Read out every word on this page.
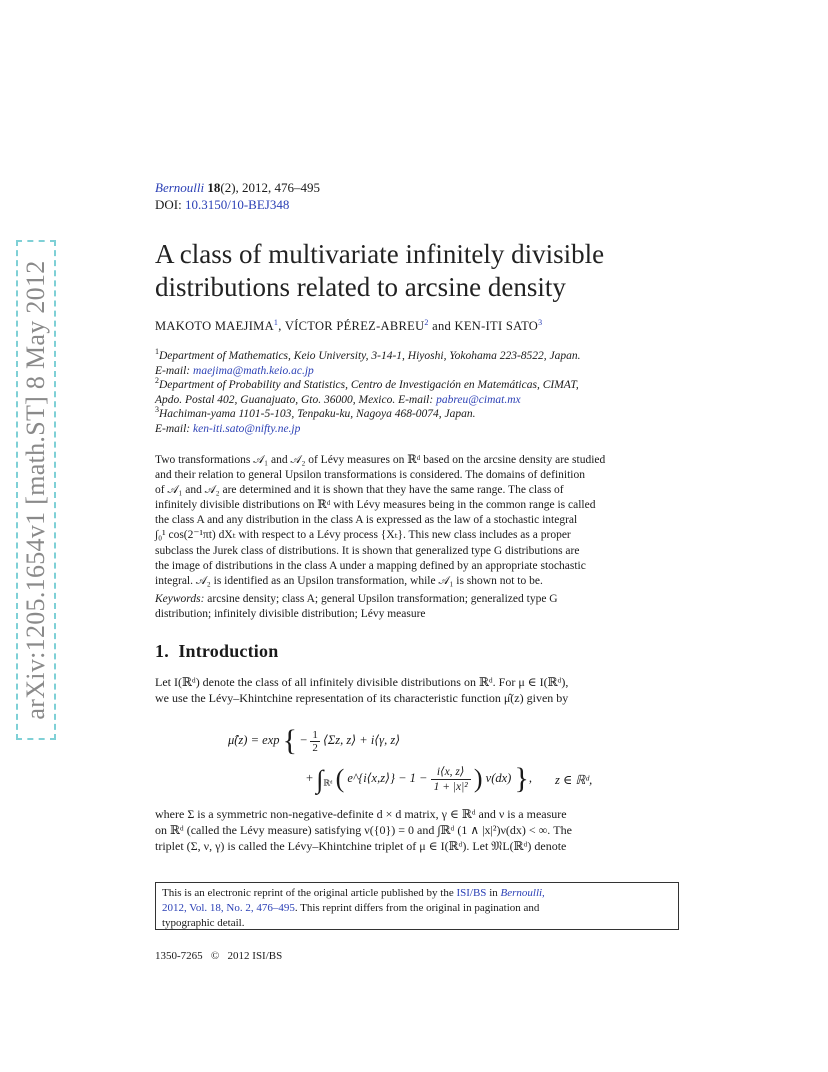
arXiv:1205.1654v1 [math.ST] 8 May 2012
Bernoulli 18(2), 2012, 476–495
DOI: 10.3150/10-BEJ348
A class of multivariate infinitely divisible
distributions related to arcsine density
MAKOTO MAEJIMA$^1$, VÍCTOR PÉREZ-ABREU$^2$ and KEN-ITI SATO$^3$
$^1$Department of Mathematics, Keio University, 3-14-1, Hiyoshi, Yokohama 223-8522, Japan.
E-mail: maejima@math.keio.ac.jp
$^2$Department of Probability and Statistics, Centro de Investigación en Matemáticas, CIMAT,
Apdo. Postal 402, Guanajuato, Gto. 36000, Mexico. E-mail: pabreu@cimat.mx
$^3$Hachiman-yama 1101-5-103, Tenpaku-ku, Nagoya 468-0074, Japan.
E-mail: ken-iti.sato@nifty.ne.jp
Two transformations 𝒜₁ and 𝒜₂ of Lévy measures on ℝᵈ based on the arcsine density are studied
and their relation to general Upsilon transformations is considered. The domains of definition
of 𝒜₁ and 𝒜₂ are determined and it is shown that they have the same range. The class of
infinitely divisible distributions on ℝᵈ with Lévy measures being in the common range is called
the class A and any distribution in the class A is expressed as the law of a stochastic integral
∫₀¹ cos(2⁻¹πt) dXₜ with respect to a Lévy process {Xₜ}. This new class includes as a proper
subclass the Jurek class of distributions. It is shown that generalized type G distributions are
the image of distributions in the class A under a mapping defined by an appropriate stochastic
integral. 𝒜₂ is identified as an Upsilon transformation, while 𝒜₁ is shown not to be.
Keywords: arcsine density; class A; general Upsilon transformation; generalized type G
distribution; infinitely divisible distribution; Lévy measure
1. Introduction
Let I(ℝᵈ) denote the class of all infinitely divisible distributions on ℝᵈ. For μ ∈ I(ℝᵈ),
we use the Lévy–Khintchine representation of its characteristic function μ̂(z) given by
μ̂(z) = exp { − $\frac{1}{2}$ ⟨Σz, z⟩ + i⟨γ, z⟩
+ $\int_{ℝᵈ}$ ( e^{i⟨x,z⟩} − $1 - \frac{i⟨x, z⟩}{\text{1 + |x|²}}$ ) ν(dx) }, z ∈ ℝᵈ,
where Σ is a symmetric non-negative-definite d × d matrix, γ ∈ ℝᵈ and ν is a measure
on ℝᵈ (called the Lévy measure) satisfying ν({0}) = 0 and ∫ℝᵈ (1 ∧ |x|²)ν(dx) < ∞. The
triplet (Σ, ν, γ) is called the Lévy–Khintchine triplet of μ ∈ I(ℝᵈ). Let 𝔐L(ℝᵈ) denote
This is an electronic reprint of the original article published by the ISI/BS in Bernoulli,
2012, Vol. 18, No. 2, 476–495. This reprint differs from the original in pagination and
typographic detail.
1350-7265 © 2012 ISI/BS
